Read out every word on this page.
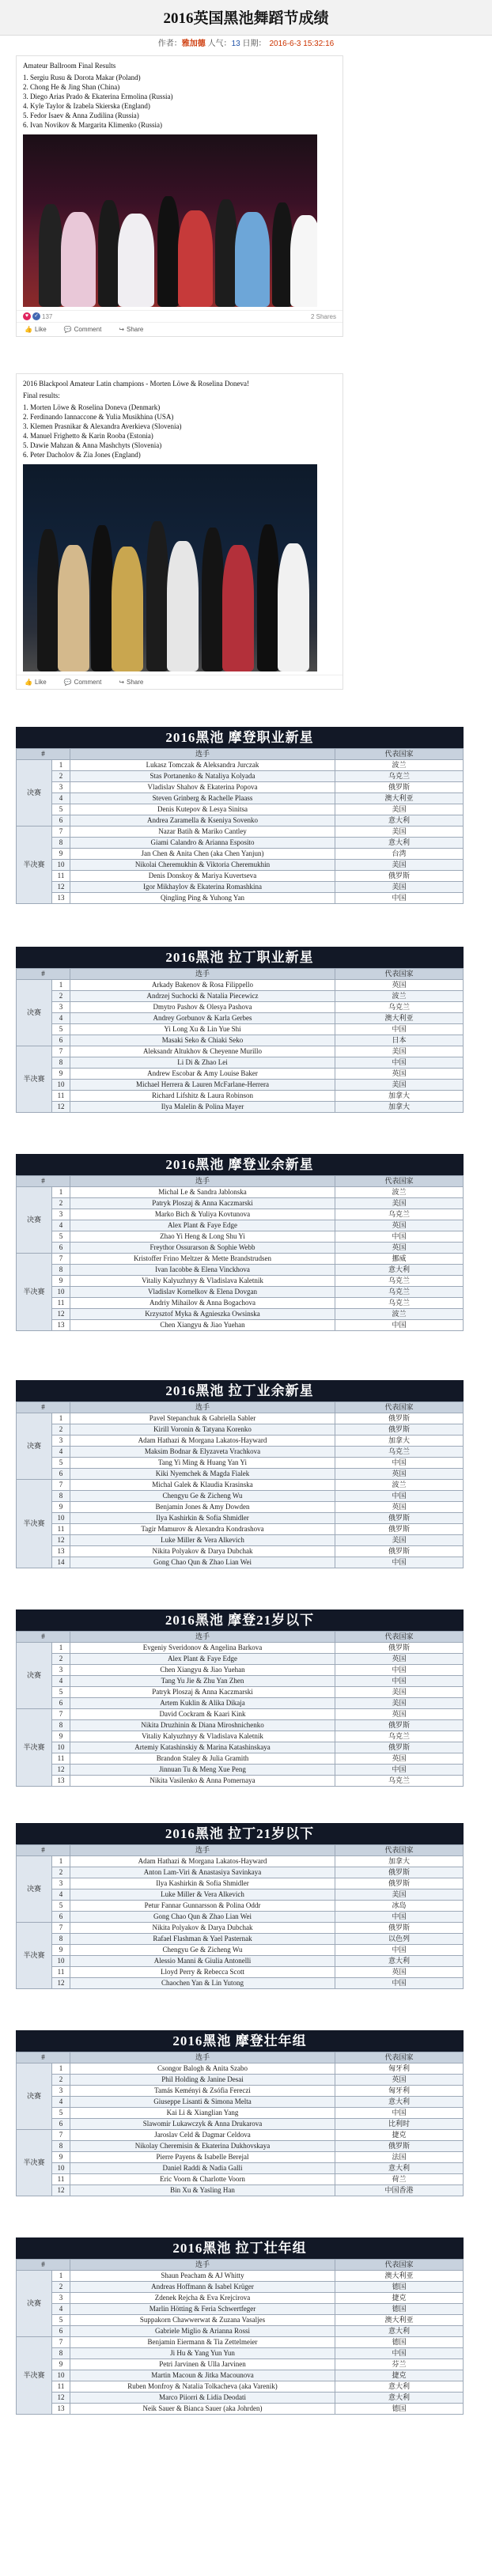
2016英国黑池舞蹈节成绩
作者：雅加德 人气：13 日期： 2016-6-3 15:32:16

Amateur Ballroom Final Results

1. Sergiu Rusu & Dorota Makar (Poland)
2. Chong He & Jing Shan (China)
3. Diego Arias Prado & Ekaterina Ermolina (Russia)
4. Kyle Taylor & Izabela Skierska (England)
5. Fedor Isaev & Anna Zudilina (Russia)
6. Ivan Novikov & Margarita Klimenko (Russia)
♥ ✓ 137	2 Shares
👍 Like	💬 Comment	↪ Share

2016 Blackpool Amateur Latin champions - Morten Löwe & Roselina Doneva!

Final results:

1. Morten Löwe & Roselina Doneva (Denmark)
2. Ferdinando Iannaccone & Yulia Musikhina (USA)
3. Klemen Prasnikar & Alexandra Averkieva (Slovenia)
4. Manuel Frighetto & Karin Rooba (Estonia)
5. Dawie Mahzan & Anna Mashchyts (Slovenia)
6. Peter Dacholov & Zia Jones (England)
👍 Like	💬 Comment	↪ Share
2016黑池 摩登职业新星
#		选手	代表国家
决赛	1	Lukasz Tomczak & Aleksandra Jurczak	波兰
	2	Stas Portanenko & Nataliya Kolyada	乌克兰
	3	Vladislav Shahov & Ekaterina Popova	俄罗斯
	4	Steven Grinberg & Rachelle Plaass	澳大利亚
	5	Denis Kutepov & Lesya Sinitsa	美国
	6	Andrea Zaramella & Kseniya Sovenko	意大利
半决赛	7	Nazar Batih & Mariko Cantley	美国
	8	Giami Calandro & Arianna Esposito	意大利
	9	Jan Chen & Anita Chen (aka Chen Yanjun)	台湾
	10	Nikolai Cheremukhin & Viktoria Cheremukhin	美国
	11	Denis Donskoy & Mariya Kuvertseva	俄罗斯
	12	Igor Mikhaylov & Ekaterina Romashkina	美国
	13	Qingling Ping & Yuhong Yan	中国
2016黑池 拉丁职业新星
#		选手	代表国家
决赛	1	Arkady Bakenov & Rosa Filippello	英国
	2	Andrzej Suchocki & Natalia Piecewicz	波兰
	3	Dmytro Pashov & Olesya Pashova	乌克兰
	4	Andrey Gorbunov & Karla Gerbes	澳大利亚
	5	Yi Long Xu & Lin Yue Shi	中国
	6	Masaki Seko & Chiaki Seko	日本
半决赛	7	Aleksandr Altukhov & Cheyenne Murillo	美国
	8	Li Di & Zhao Lei	中国
	9	Andrew Escobar & Amy Louise Baker	英国
	10	Michael Herrera & Lauren McFarlane-Herrera	美国
	11	Richard Lifshitz & Laura Robinson	加拿大
	12	Ilya Malelin & Polina Mayer	加拿大
2016黑池 摩登业余新星
#		选手	代表国家
决赛	1	Michal Le & Sandra Jablonska	波兰
	2	Patryk Ploszaj & Anna Kaczmarski	美国
	3	Marko Bich & Yuliya Kovtunova	乌克兰
	4	Alex Plant & Faye Edge	英国
	5	Zhao Yi Heng & Long Shu Yi	中国
	6	Freythor Ossurarson & Sophie Webb	英国
半决赛	7	Kristoffer Frino Meltzer & Mette Brandstrudsen	挪威
	8	Ivan Iacobbe & Elena Vinckhova	意大利
	9	Vitaliy Kalyuzhnyy & Vladislava Kaletnik	乌克兰
	10	Vladislav Kornelkov & Elena Dovgan	乌克兰
	11	Andriy Mihailov & Anna Bogachova	乌克兰
	12	Krzysztof Myka & Agnieszka Owsinska	波兰
	13	Chen Xiangyu & Jiao Yuehan	中国
2016黑池 拉丁业余新星
#		选手	代表国家
决赛	1	Pavel Stepanchuk & Gabriella Sabler	俄罗斯
	2	Kirill Voronin & Tatyana Korenko	俄罗斯
	3	Adam Hathazi & Morgana Lakatos-Hayward	加拿大
	4	Maksim Bodnar & Elyzaveta Vrachkova	乌克兰
	5	Tang Yi Ming & Huang Yan Yi	中国
	6	Kiki Nyemchek & Magda Fialek	英国
半决赛	7	Michal Galek & Klaudia Krasinska	波兰
	8	Chengyu Ge & Zicheng Wu	中国
	9	Benjamin Jones & Amy Dowden	英国
	10	Ilya Kashirkin & Sofia Shmidler	俄罗斯
	11	Tagir Mamurov & Alexandra Kondrashova	俄罗斯
	12	Luke Miller & Vera Alkevich	美国
	13	Nikita Polyakov & Darya Dubchak	俄罗斯
	14	Gong Chao Qun & Zhao Lian Wei	中国
2016黑池 摩登21岁以下
#		选手	代表国家
决赛	1	Evgeniy Sveridonov & Angelina Barkova	俄罗斯
	2	Alex Plant & Faye Edge	英国
	3	Chen Xiangyu & Jiao Yuehan	中国
	4	Tang Yu Jie & Zhu Yan Zhen	中国
	5	Patryk Ploszaj & Anna Kaczmarski	美国
	6	Artem Kuklin & Alika Dikaja	美国
半决赛	7	David Cockram & Kaari Kink	英国
	8	Nikita Druzhinin & Diana Miroshnichenko	俄罗斯
	9	Vitaliy Kalyuzhnyy & Vladislava Kaletnik	乌克兰
	10	Artemiy Katashinskiy & Marina Katashinskaya	俄罗斯
	11	Brandon Staley & Julia Gramith	英国
	12	Jinnuan Tu & Meng Xue Peng	中国
	13	Nikita Vasilenko & Anna Pomernaya	乌克兰
2016黑池 拉丁21岁以下
#		选手	代表国家
决赛	1	Adam Hathazi & Morgana Lakatos-Hayward	加拿大
	2	Anton Lam-Viri & Anastasiya Savinkaya	俄罗斯
	3	Ilya Kashirkin & Sofia Shmidler	俄罗斯
	4	Luke Miller & Vera Alkevich	美国
	5	Petur Fannar Gunnarsson & Polina Oddr	冰岛
	6	Gong Chao Qun & Zhao Lian Wei	中国
半决赛	7	Nikita Polyakov & Darya Dubchak	俄罗斯
	8	Rafael Flashman & Yael Pasternak	以色列
	9	Chengyu Ge & Zicheng Wu	中国
	10	Alessio Manni & Giulia Antonelli	意大利
	11	Lloyd Perry & Rebecca Scott	英国
	12	Chaochen Yan & Lin Yutong	中国
2016黑池 摩登壮年组
#		选手	代表国家
决赛	1	Csongor Balogh & Anita Szabo	匈牙利
	2	Phil Holding & Janine Desai	英国
	3	Tamás Keményi & Zsófia Fereczi	匈牙利
	4	Giuseppe Lisanti & Simona Melta	意大利
	5	Kai Li & Xianglian Yang	中国
	6	Slawomir Lukawczyk & Anna Drukarova	比利时
半决赛	7	Jaroslav Celd & Dagmar Celdova	捷克
	8	Nikolay Cheremisin & Ekaterina Dukhovskaya	俄罗斯
	9	Pierre Payens & Isabelle Berejal	法国
	10	Daniel Raddi & Nadia Galli	意大利
	11	Eric Voorn & Charlotte Voorn	荷兰
	12	Bin Xu & Yasling Han	中国香港
2016黑池 拉丁壮年组
#		选手	代表国家
决赛	1	Shaun Peacham & AJ Whitty	澳大利亚
	2	Andreas Hoffmann & Isabel Krüger	德国
	3	Zdenek Rejcha & Eva Krejcirova	捷克
	4	Marlin Hötting & Feria Schwertfeger	德国
	5	Suppakorn Chawwerwat & Zuzana Vasaljes	澳大利亚
	6	Gabriele Miglio & Arianna Rossi	意大利
半决赛	7	Benjamin Eiermann & Tia Zettelmeier	德国
	8	Ji Hu & Yang Yun Yun	中国
	9	Petri Jarvinen & Ulla Jarvinen	芬兰
	10	Martin Macoun & Jitka Macounova	捷克
	11	Ruben Monfroy & Natalia Tolkacheva (aka Varenik)	意大利
	12	Marco Piiorri & Lidia Deodati	意大利
	13	Neik Sauer & Bianca Sauer (aka Johrden)	德国
